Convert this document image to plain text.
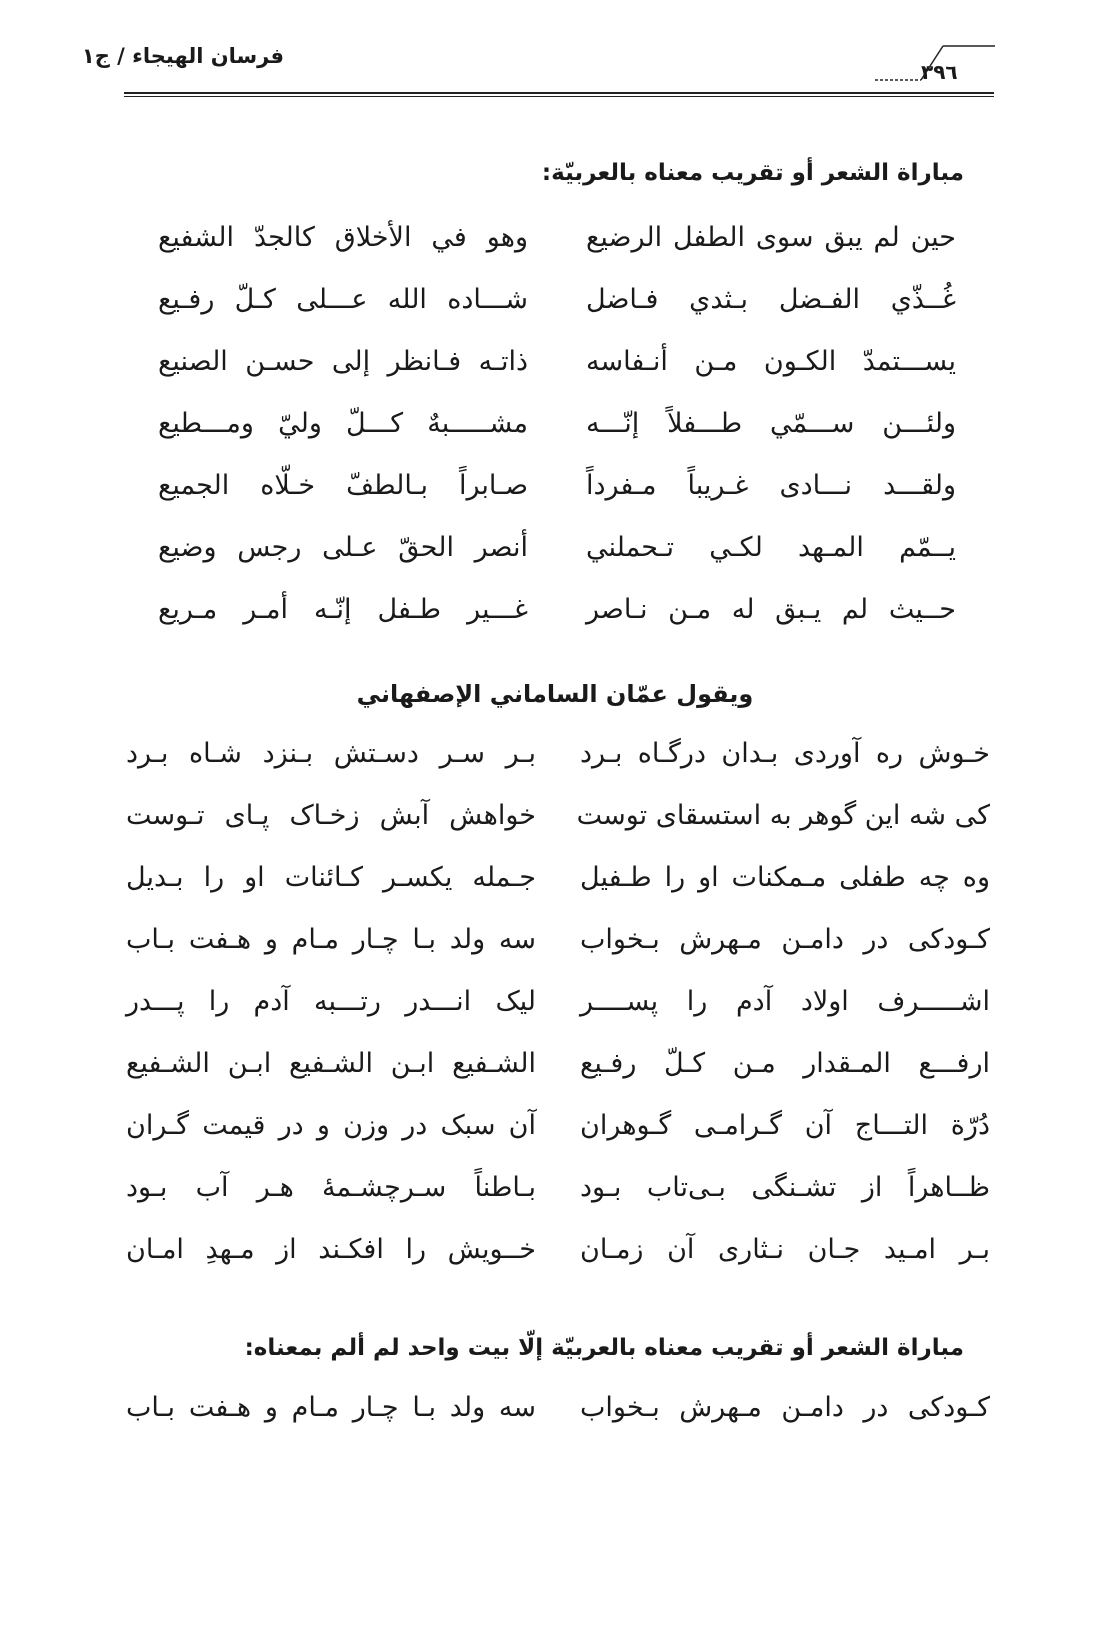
فرسان الهيجاء / ج١
٣٩٦
مباراة الشعر أو تقريب معناه بالعربيّة:
حين لم يبق سوى الطفل الرضيع
وهو في الأخلاق كالجدّ الشفيع
غُــذّي الفـضل بـثدي فـاضل
شـــاده الله عـــلى كـلّ رفـيع
يســـتمدّ الكـون مـن أنـفاسه
ذاتـه فـانظر إلى حسـن الصنيع
ولئـــن ســـمّي طـــفلاً إنّـــه
مشـــــبهٌ كـــلّ وليّ ومـــطيع
ولقـــد نـــادى غـريباً مـفرداً
صـابراً بـالطفّ خـلّاه الجميع
يــمّم المـهد لكـي تـحملني
أنصر الحقّ عـلى رجس وضيع
حــيث لم يـبق له مـن نـاصر
غـــير طـفل إنّـه أمـر مـريع
ويقول عمّان الساماني الإصفهاني
خـوش ره آوردی بـدان درگـاه بـرد
بـر سـر دسـتش بـنزد شـاه بـرد
کی شه این گوهر به استسقای توست
خواهش آبش زخـاک پـای تـوست
وه چه طفلی مـمکنات او را طـفیل
جـمله یکسـر کـائنات او را بـدیل
کـودکی در دامـن مـهرش بـخواب
سه ولد بـا چـار مـام و هـفت بـاب
اشـــــرف اولاد آدم را پســــر
لیک انـــدر رتـــبه آدم را پـــدر
ارفـــع المـقدار مـن کـلّ رفـیع
الشـفیع ابـن الشـفیع ابـن الشـفیع
دُرّة التـــاج آن گـرامـی گـوهران
آن سبک در وزن و در قیمت گـران
ظــاهراً از تشـنگی بـی‌تاب بـود
بـاطناً سـرچشـمهٔ هـر آب بـود
بـر امـید جـان نـثاری آن زمـان
خــویش را افکـند از مـهدِ امـان
مباراة الشعر أو تقريب معناه بالعربيّة إلّا بيت واحد لم ألم بمعناه:
کـودکی در دامـن مـهرش بـخواب
سه ولد بـا چـار مـام و هـفت بـاب
